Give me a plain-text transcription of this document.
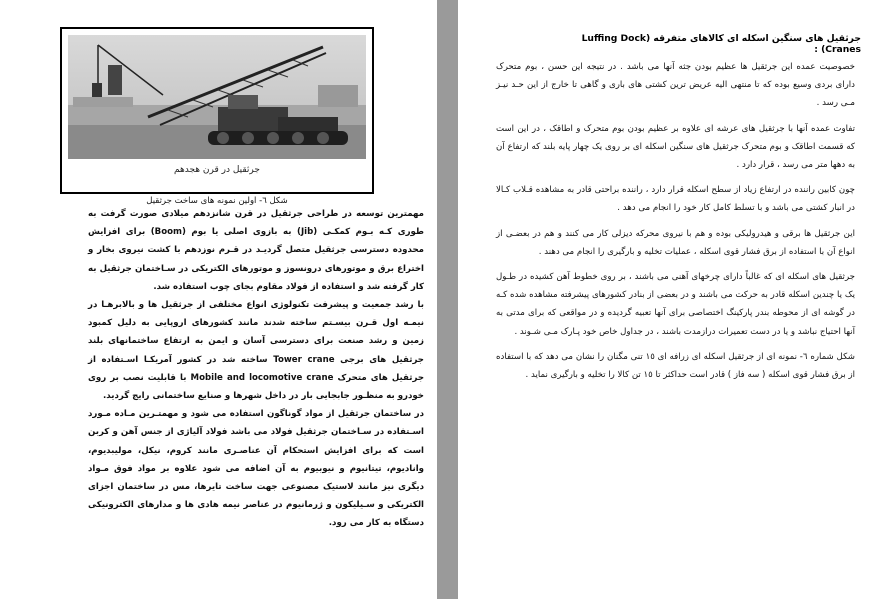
جرثقیل در قرن هجدهم
شکل ٦- اولین نمونه های ساخت جرثقیل

مهمترین توسعه در طراحی جرثقیل در قرن شانزدهم میلادی صورت گرفت به طوری کـه بـوم کمکـی (Jib) به بازوی اصلی یا بوم (Boom) برای افزایش محدوده دسترسی جرثقیل متصل گردیـد در قـرم نوزدهم با کشت نیروی بخار و اختراع برق و موتورهای درونسوز و موتورهای الکتریکی در سـاختمان جرثقیل به کار گرفته شد و استفاده از فولاد مقاوم بجای چوب استفاده شد.

با رشد جمعیت و پیشرفت تکنولوژی انواع مختلفی از جرثقیل ها و بالابرهـا در نیمـه اول قـرن بیسـتم ساخته شدند مانند کشورهای اروپایی به دلیل کمبود زمین و رشد صنعت برای دسترسی آسان و ایمن به ارتفاع ساختمانهای بلند جرثقیل های برجی Tower crane ساخته شد در کشور آمریکـا اسـتفاده از جرثقیل های متحرک Mobile and locomotive crane با قابلیت نصب بر روی خودرو به منظـور جابجایی بار در داخل شهرها و صنایع ساختمانی رایج گردید.

در ساختمان جرثقیل از مواد گوناگون استفاده می شود و مهمتـرین مـاده مـورد اسـتفاده در سـاختمان جرثقیل فولاد می باشد فولاد آلیاژی از جنس آهن و کربن است که برای افزایش استحکام آن عناصـری مانند کروم، نیکل، مولیبدیوم، وانادیوم، تیتانیوم و نیوبیوم به آن اضافه می شود علاوه بر مواد فوق مـواد دیگری نیز مانند لاستیک مصنوعی جهت ساخت تایرها، مس در ساختمان اجزای الکتریکی و سـیلیکون و ژرمانیوم در عناصر نیمه هادی ها و مدارهای الکترونیکی دستگاه به کار می رود.

جرثقیل های سنگین اسکله ای کالاهای متفرقه (Luffing Dock Cranes) :

خصوصیت عمده این جرثقیل ها عظیم بودن جثه آنها می باشد . در نتیجه این حسن ، بوم متحرک دارای بردی وسیع بوده که تا منتهی الیه عریض ترین کشتی های باری و گاهی تا خارج از این حـد نیـز مـی رسد .

تفاوت عمده آنها با جرثقیل های عرشه ای علاوه بر عظیم بودن بوم متحرک و اطاقک ، در این است که قسمت اطاقک و بوم متحرک جرثقیل های سنگین اسکله ای بر روی یک چهار پایه بلند که ارتفاع آن به دهها متر می رسد ، قرار دارد .

چون کابین راننده در ارتفاع زیاد از سطح اسکله قرار دارد ، راننده براحتی قادر به مشاهده قـلاب کـالا در انبار کشتی می باشد و با تسلط کامل کار خود را انجام می دهد .

این جرثقیل ها برقی و هیدرولیکی بوده و هم با نیروی محرکه دیزلی کار می کنند و هم در بعضـی از انواع آن با استفاده از برق فشار قوی اسکله ، عملیات تخلیه و بارگیری را انجام می دهند .

جرثقیل های اسکله ای که غالباً دارای چرخهای آهنی می باشند ، بر روی خطوط آهن کشیده در طـول یک یا چندین اسکله قادر به حرکت می باشند و در بعضی از بنادر کشورهای پیشرفته مشاهده شده کـه در گوشه ای از محوطه بندر پارکینگ اختصاصی برای آنها تعبیه گردیده و در مواقعی که برای مدتی به آنها احتیاج نباشد و یا در دست تعمیرات درازمدت باشند ، در جداول خاص خود پـارک مـی شـوند .

شکل شماره ٦- نمونه ای از جرثقیل اسکله ای زرافه ای ١٥ تنی مگنان را نشان می دهد که با استفاده از برق فشار قوی اسکله ( سه فاز ) قادر است حداکثر تا ١٥ تن کالا را تخلیه و بارگیری نماید .
